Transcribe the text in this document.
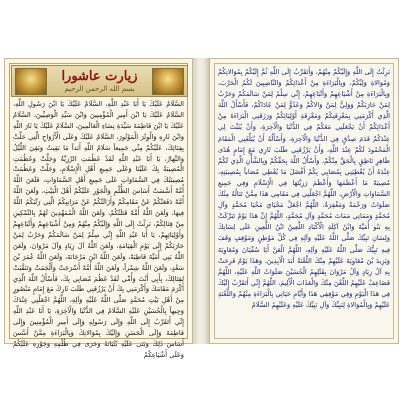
زیارت عاشورا
بسم الله الرحمن الرحیم
السَّلَامُ عَلَيْكَ يَا أَبَا عَبْدِ اللَّهِ، السَّلَامُ عَلَيْكَ يَا ابْنَ رَسُولِ اللَّهِ، السَّلَامُ عَلَيْكَ يَا ابْنَ أَمِيرِ الْمُؤْمِنِينَ وَابْنَ سَيِّدِ الْوَصِيِّينَ، السَّلَامُ عَلَيْكَ يَا ابْنَ فَاطِمَةَ سَيِّدَةِ نِسَاءِ الْعَالَمِينَ، السَّلَامُ عَلَيْكَ يَا ثَارَ اللَّهِ وَابْنَ ثَارِهِ وَالْوِتْرَ الْمَوْتُورَ، السَّلَامُ عَلَيْكَ وَعَلَى الْأَرْوَاحِ الَّتِي حَلَّتْ بِفِنَائِكَ، عَلَيْكُمْ مِنِّي جَمِيعاً سَلَامُ اللَّهِ أَبَداً مَا بَقِيتُ وَبَقِيَ اللَّيْلُ وَالنَّهَارُ، يَا أَبَا عَبْدِ اللَّهِ لَقَدْ عَظُمَتِ الرَّزِيَّةُ وَجَلَّتْ وَعَظُمَتِ الْمُصِيبَةُ بِكَ عَلَيْنَا وَعَلَى جَمِيعِ أَهْلِ الْإِسْلَامِ، وَجَلَّتْ وَعَظُمَتْ مُصِيبَتُكَ فِي السَّمَاوَاتِ عَلَى جَمِيعِ أَهْلِ السَّمَاوَاتِ، فَلَعَنَ اللَّهُ أُمَّةً أَسَّسَتْ أَسَاسَ الظُّلْمِ وَالْجَوْرِ عَلَيْكُمْ أَهْلَ الْبَيْتِ، وَلَعَنَ اللَّهُ أُمَّةً دَفَعَتْكُمْ عَنْ مَقَامِكُمْ وَأَزَالَتْكُمْ عَنْ مَرَاتِبِكُمُ الَّتِي رَتَّبَكُمُ اللَّهُ فِيهَا، وَلَعَنَ اللَّهُ أُمَّةً قَتَلَتْكُمْ، وَلَعَنَ اللَّهُ الْمُمَهِّدِينَ لَهُمْ بِالتَّمْكِينِ مِنْ قِتَالِكُمْ، بَرِئْتُ إِلَى اللَّهِ وَإِلَيْكُمْ مِنْهُمْ وَمِنْ أَشْيَاعِهِمْ وَأَتْبَاعِهِمْ وَأَوْلِيَائِهِمْ، يَا أَبَا عَبْدِ اللَّهِ إِنِّي سِلْمٌ لِمَنْ سَالَمَكُمْ وَحَرْبٌ لِمَنْ حَارَبَكُمْ إِلَى يَوْمِ الْقِيَامَةِ، وَلَعَنَ اللَّهُ آلَ زِيَادٍ وَآلَ مَرْوَانَ، وَلَعَنَ اللَّهُ بَنِي أُمَيَّةَ قَاطِبَةً، وَلَعَنَ اللَّهُ ابْنَ مَرْجَانَةَ، وَلَعَنَ اللَّهُ عُمَرَ بْنَ سَعْدٍ، وَلَعَنَ اللَّهُ شِمْراً، وَلَعَنَ اللَّهُ أُمَّةً أَسْرَجَتْ وَأَلْجَمَتْ وَتَنَقَّبَتْ لِقِتَالِكَ، بِأَبِي أَنْتَ وَأُمِّي لَقَدْ عَظُمَ مُصَابِي بِكَ، فَأَسْأَلُ اللَّهَ الَّذِي أَكْرَمَ مَقَامَكَ وَأَكْرَمَنِي بِكَ أَنْ يَرْزُقَنِي طَلَبَ ثَارِكَ مَعَ إِمَامٍ مَنْصُورٍ مِنْ أَهْلِ بَيْتِ مُحَمَّدٍ صَلَّى اللَّهُ عَلَيْهِ وَآلِهِ، اللَّهُمَّ اجْعَلْنِي عِنْدَكَ وَجِيهاً بِالْحُسَيْنِ عَلَيْهِ السَّلَامُ فِي الدُّنْيَا وَالْآخِرَةِ، يَا أَبَا عَبْدِ اللَّهِ إِنِّي أَتَقَرَّبُ إِلَى اللَّهِ وَإِلَى رَسُولِهِ وَإِلَى أَمِيرِ الْمُؤْمِنِينَ وَإِلَى فَاطِمَةَ وَإِلَى الْحَسَنِ وَإِلَيْكَ بِمُوَالاتِكَ وَبِالْبَرَاءَةِ مِمَّنْ أَسَّسَ أَسَاسَ ذَلِكَ وَبَنَى عَلَيْهِ بُنْيَانَهُ وَجَرَى فِي ظُلْمِهِ وَجَوْرِهِ عَلَيْكُمْ وَعَلَى أَشْيَاعِكُمْ
بَرِئْتُ إِلَى اللَّهِ وَإِلَيْكُمْ مِنْهُمْ، وَأَتَقَرَّبُ إِلَى اللَّهِ ثُمَّ إِلَيْكُمْ بِمُوَالاتِكُمْ وَمُوَالاةِ وَلِيِّكُمْ، وَبِالْبَرَاءَةِ مِنْ أَعْدَائِكُمْ وَالنَّاصِبِينَ لَكُمُ الْحَرْبَ، وَبِالْبَرَاءَةِ مِنْ أَشْيَاعِهِمْ وَأَتْبَاعِهِمْ، إِنِّي سِلْمٌ لِمَنْ سَالَمَكُمْ وَحَرْبٌ لِمَنْ حَارَبَكُمْ وَوَلِيٌّ لِمَنْ وَالاكُمْ وَعَدُوٌّ لِمَنْ عَادَاكُمْ، فَأَسْأَلُ اللَّهَ الَّذِي أَكْرَمَنِي بِمَعْرِفَتِكُمْ وَمَعْرِفَةِ أَوْلِيَائِكُمْ وَرَزَقَنِي الْبَرَاءَةَ مِنْ أَعْدَائِكُمْ أَنْ يَجْعَلَنِي مَعَكُمْ فِي الدُّنْيَا وَالْآخِرَةِ، وَأَنْ يُثَبِّتَ لِي عِنْدَكُمْ قَدَمَ صِدْقٍ فِي الدُّنْيَا وَالْآخِرَةِ، وَأَسْأَلُهُ أَنْ يُبَلِّغَنِي الْمَقَامَ الْمَحْمُودَ لَكُمْ عِنْدَ اللَّهِ، وَأَنْ يَرْزُقَنِي طَلَبَ ثَارِي مَعَ إِمَامٍ هُدًى ظَاهِرٍ نَاطِقٍ بِالْحَقِّ مِنْكُمْ، وَأَسْأَلُ اللَّهَ بِحَقِّكُمْ وَبِالشَّأْنِ الَّذِي لَكُمْ عِنْدَهُ أَنْ يُعْطِيَنِي بِمُصَابِي بِكُمْ أَفْضَلَ مَا يُعْطِي مُصَاباً بِمُصِيبَتِهِ، مُصِيبَةً مَا أَعْظَمَهَا وَأَعْظَمَ رَزِيَّتَهَا فِي الْإِسْلَامِ وَفِي جَمِيعِ السَّمَاوَاتِ وَالْأَرْضِ، اللَّهُمَّ اجْعَلْنِي فِي مَقَامِي هَذَا مِمَّنْ تَنَالُهُ مِنْكَ صَلَوَاتٌ وَرَحْمَةٌ وَمَغْفِرَةٌ، اللَّهُمَّ اجْعَلْ مَحْيَايَ مَحْيَا مُحَمَّدٍ وَآلِ مُحَمَّدٍ وَمَمَاتِي مَمَاتَ مُحَمَّدٍ وَآلِ مُحَمَّدٍ، اللَّهُمَّ إِنَّ هَذَا يَوْمٌ تَبَرَّكَتْ بِهِ بَنُو أُمَيَّةَ وَابْنُ آكِلَةِ الْأَكْبَادِ اللَّعِينُ ابْنُ اللَّعِينِ عَلَى لِسَانِكَ وَلِسَانِ نَبِيِّكَ صَلَّى اللَّهُ عَلَيْهِ وَآلِهِ فِي كُلِّ مَوْطِنٍ وَمَوْقِفٍ وَقَفَ فِيهِ نَبِيُّكَ صَلَّى اللَّهُ عَلَيْهِ وَآلِهِ، اللَّهُمَّ الْعَنْ أَبَا سُفْيَانَ وَمُعَاوِيَةَ وَيَزِيدَ بْنَ مُعَاوِيَةَ عَلَيْهِمْ مِنْكَ اللَّعْنَةُ أَبَدَ الْآبِدِينَ، وَهَذَا يَوْمٌ فَرِحَتْ بِهِ آلُ زِيَادٍ وَآلُ مَرْوَانَ بِقَتْلِهِمُ الْحُسَيْنَ صَلَوَاتُ اللَّهِ عَلَيْهِ، اللَّهُمَّ فَضَاعِفْ عَلَيْهِمُ اللَّعْنَ مِنْكَ وَالْعَذَابَ الْأَلِيمَ، اللَّهُمَّ إِنِّي أَتَقَرَّبُ إِلَيْكَ فِي هَذَا الْيَوْمِ وَفِي مَوْقِفِي هَذَا وَأَيَّامِ حَيَاتِي بِالْبَرَاءَةِ مِنْهُمْ وَاللَّعْنَةِ عَلَيْهِمْ وَبِالْمُوَالاةِ لِنَبِيِّكَ وَآلِ نَبِيِّكَ عَلَيْهِ وَعَلَيْهِمُ السَّلَامُ
